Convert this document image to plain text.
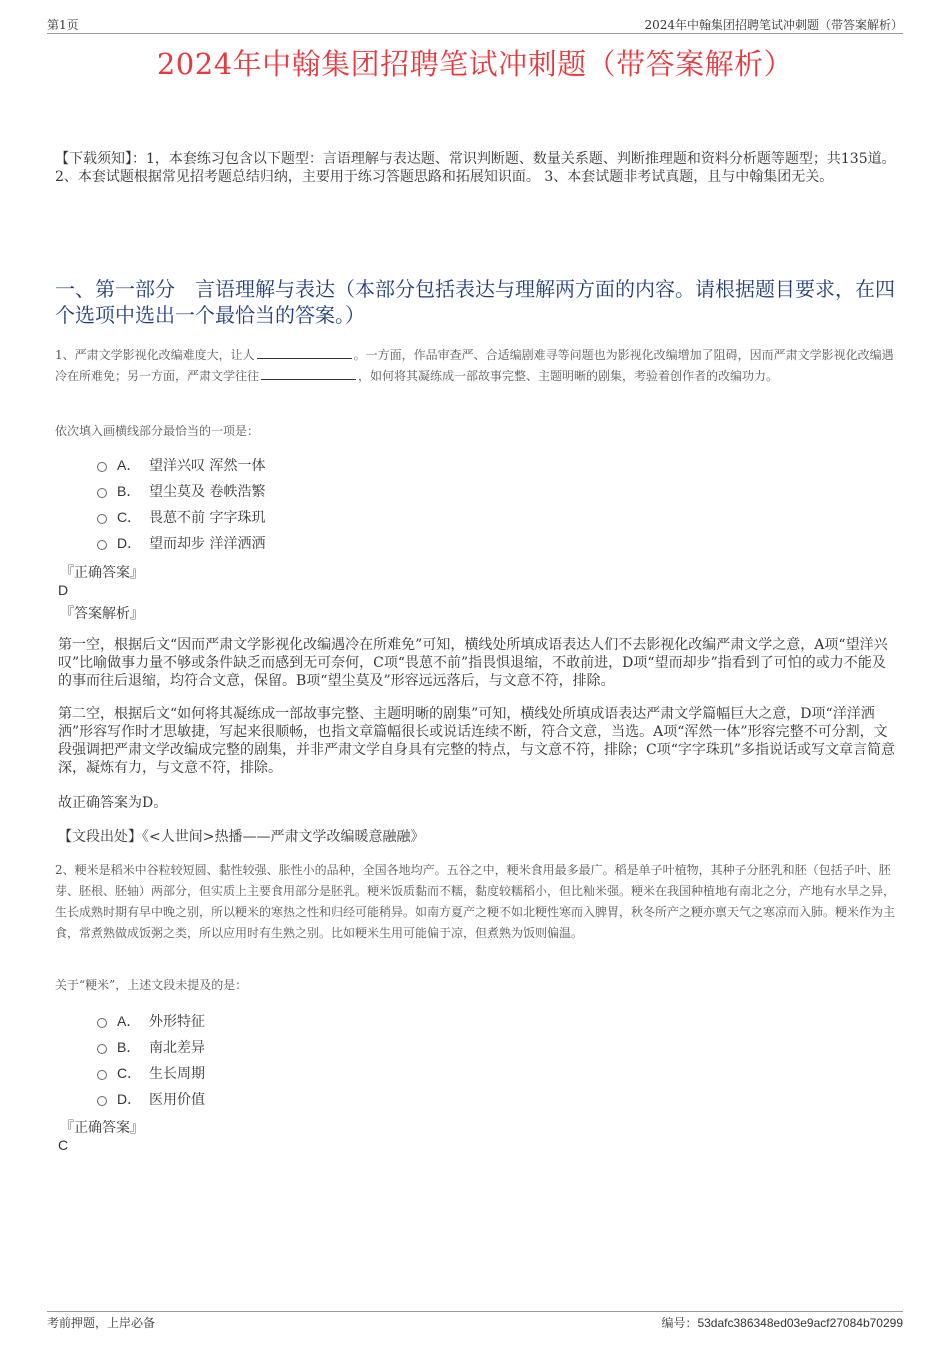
第1页	2024年中翰集团招聘笔试冲刺题（带答案解析）
2024年中翰集团招聘笔试冲刺题（带答案解析）
【下载须知】：1，本套练习包含以下题型：言语理解与表达题、常识判断题、数量关系题、判断推理题和资料分析题等题型；共135道。 2、本套试题根据常见招考题总结归纳，主要用于练习答题思路和拓展知识面。 3、本套试题非考试真题，且与中翰集团无关。
一、第一部分　言语理解与表达（本部分包括表达与理解两方面的内容。请根据题目要求，在四个选项中选出一个最恰当的答案。）
1、严肃文学影视化改编难度大，让人	。一方面，作品审查严、合适编剧难寻等问题也为影视化改编增加了阻碍，因而严肃文学影视化改编遇冷在所难免；另一方面，严肃文学往往	，如何将其凝练成一部故事完整、主题明晰的剧集，考验着创作者的改编功力。
依次填入画横线部分最恰当的一项是：
A． 望洋兴叹 浑然一体
B． 望尘莫及 卷帙浩繁
C． 畏葸不前 字字珠玑
D． 望而却步 洋洋洒洒
『正确答案』
D
『答案解析』
第一空，根据后文“因而严肃文学影视化改编遇冷在所难免”可知，横线处所填成语表达人们不去影视化改编严肃文学之意，A项“望洋兴叹”比喻做事力量不够或条件缺乏而感到无可奈何，C项“畏葸不前”指畏惧退缩，不敢前进，D项“望而却步”指看到了可怕的或力不能及的事而往后退缩，均符合文意，保留。B项“望尘莫及”形容远远落后，与文意不符，排除。
第二空，根据后文“如何将其凝练成一部故事完整、主题明晰的剧集”可知，横线处所填成语表达严肃文学篇幅巨大之意，D项“洋洋洒洒”形容写作时才思敏捷，写起来很顺畅，也指文章篇幅很长或说话连续不断，符合文意，当选。A项“浑然一体”形容完整不可分割，文段强调把严肃文学改编成完整的剧集，并非严肃文学自身具有完整的特点，与文意不符，排除；C项“字字珠玑”多指说话或写文章言简意深，凝炼有力，与文意不符，排除。
故正确答案为D。
【文段出处】《<人世间>热播——严肃文学改编暖意融融》
2、粳米是稻米中谷粒较短圆、黏性较强、胀性小的品种，全国各地均产。五谷之中，粳米食用最多最广。稻是单子叶植物，其种子分胚乳和胚（包括子叶、胚芽、胚根、胚轴）两部分，但实质上主要食用部分是胚乳。粳米饭质黏而不糯，黏度较糯稻小，但比籼米强。粳米在我国种植地有南北之分，产地有水旱之异，生长成熟时期有早中晚之别，所以粳米的寒热之性和归经可能稍异。如南方夏产之粳不如北粳性寒而入脾胃，秋冬所产之粳亦禀天气之寒凉而入肺。粳米作为主食，常煮熟做成饭粥之类，所以应用时有生熟之别。比如粳米生用可能偏于凉，但煮熟为饭则偏温。
关于“粳米”，上述文段未提及的是：
A． 外形特征
B． 南北差异
C． 生长周期
D． 医用价值
『正确答案』
C
考前押题，上岸必备	编号：53dafc386348ed03e9acf27084b70299
